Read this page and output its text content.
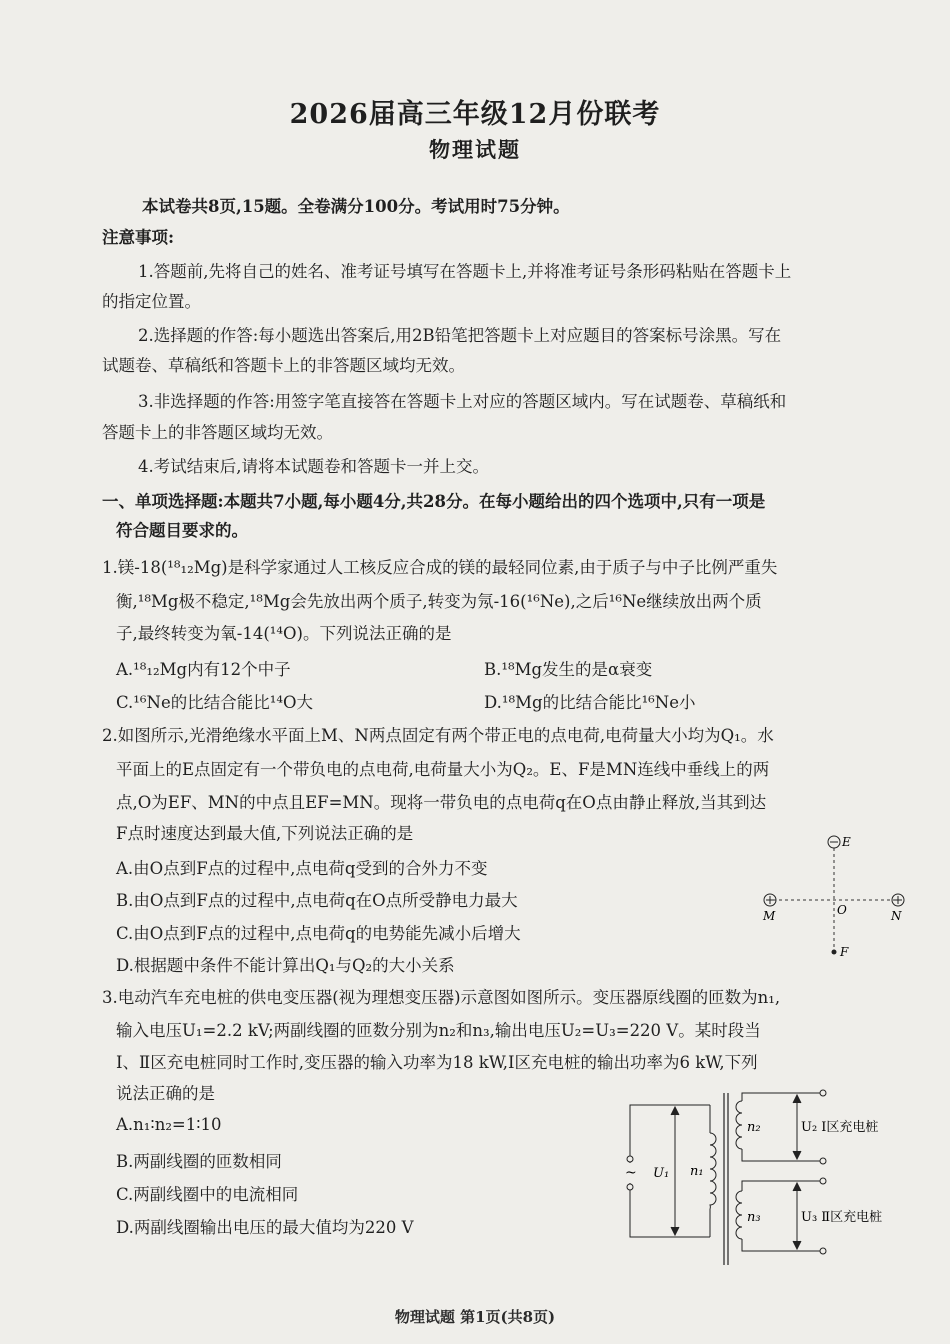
2026届高三年级12月份联考
物理试题
本试卷共8页,15题。全卷满分100分。考试用时75分钟。
注意事项:
1.答题前,先将自己的姓名、准考证号填写在答题卡上,并将准考证号条形码粘贴在答题卡上
的指定位置。
2.选择题的作答:每小题选出答案后,用2B铅笔把答题卡上对应题目的答案标号涂黑。写在
试题卷、草稿纸和答题卡上的非答题区域均无效。
3.非选择题的作答:用签字笔直接答在答题卡上对应的答题区域内。写在试题卷、草稿纸和
答题卡上的非答题区域均无效。
4.考试结束后,请将本试题卷和答题卡一并上交。
一、单项选择题:本题共7小题,每小题4分,共28分。在每小题给出的四个选项中,只有一项是
符合题目要求的。
1.镁-18(¹⁸₁₂Mg)是科学家通过人工核反应合成的镁的最轻同位素,由于质子与中子比例严重失
衡,¹⁸Mg极不稳定,¹⁸Mg会先放出两个质子,转变为氖-16(¹⁶Ne),之后¹⁶Ne继续放出两个质
子,最终转变为氧-14(¹⁴O)。下列说法正确的是
A.¹⁸₁₂Mg内有12个中子	B.¹⁸Mg发生的是α衰变
C.¹⁶Ne的比结合能比¹⁴O大	D.¹⁸Mg的比结合能比¹⁶Ne小
2.如图所示,光滑绝缘水平面上M、N两点固定有两个带正电的点电荷,电荷量大小均为Q₁。水
平面上的E点固定有一个带负电的点电荷,电荷量大小为Q₂。E、F是MN连线中垂线上的两
点,O为EF、MN的中点且EF=MN。现将一带负电的点电荷q在O点由静止释放,当其到达
F点时速度达到最大值,下列说法正确的是
A.由O点到F点的过程中,点电荷q受到的合外力不变
B.由O点到F点的过程中,点电荷q在O点所受静电力最大
C.由O点到F点的过程中,点电荷q的电势能先减小后增大
D.根据题中条件不能计算出Q₁与Q₂的大小关系
E
M	N
O
F
3.电动汽车充电桩的供电变压器(视为理想变压器)示意图如图所示。变压器原线圈的匝数为n₁,
输入电压U₁=2.2 kV;两副线圈的匝数分别为n₂和n₃,输出电压U₂=U₃=220 V。某时段当
Ⅰ、Ⅱ区充电桩同时工作时,变压器的输入功率为18 kW,Ⅰ区充电桩的输出功率为6 kW,下列
说法正确的是
A.n₁∶n₂=1∶10
B.两副线圈的匝数相同
C.两副线圈中的电流相同
D.两副线圈输出电压的最大值均为220 V
~ U₁ n₁
n₂
n₃
U₂ Ⅰ区充电桩
U₃ Ⅱ区充电桩
物理试题 第1页(共8页)
